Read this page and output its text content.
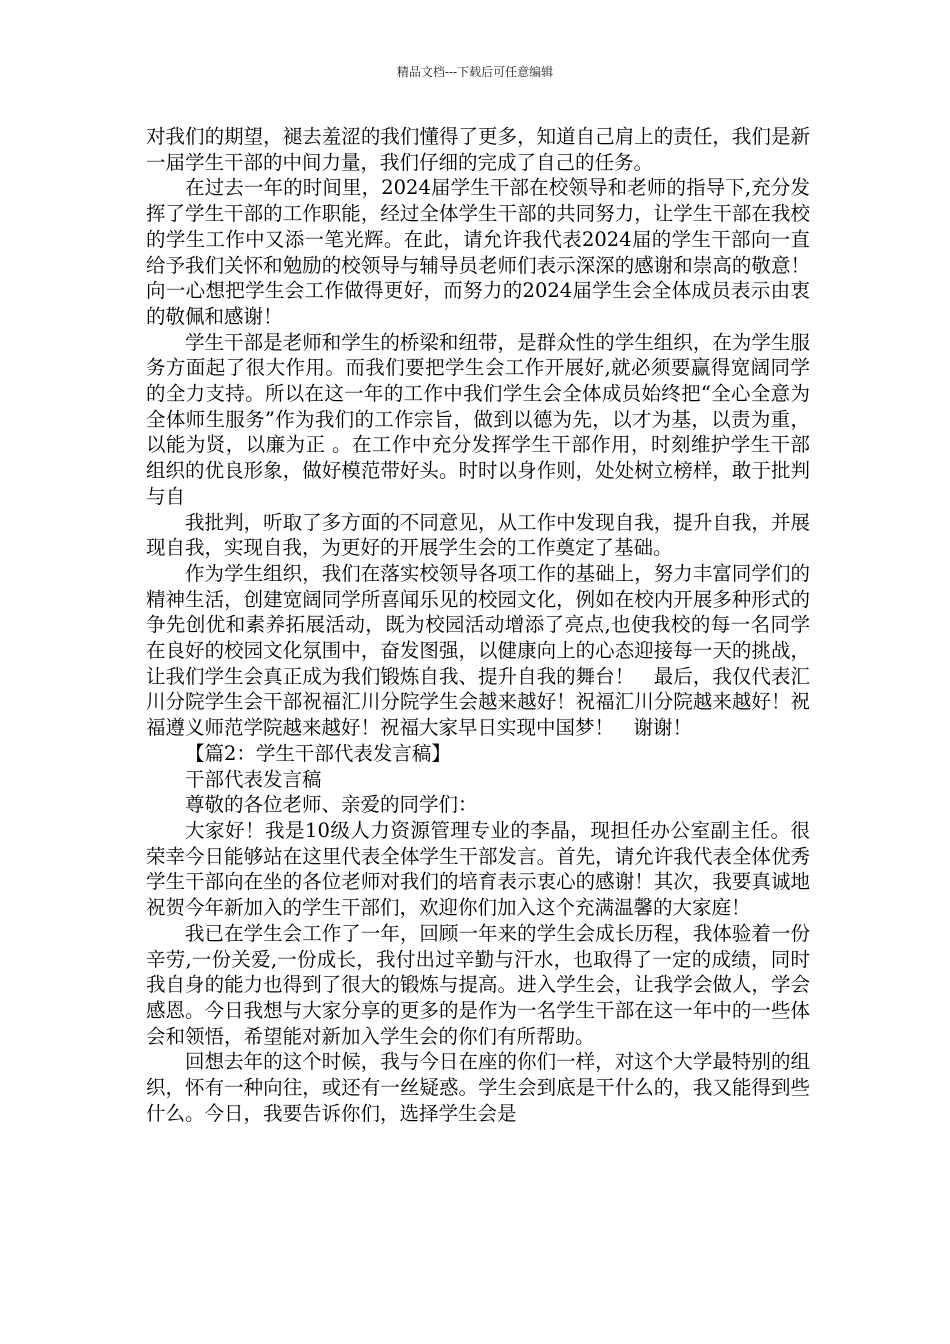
精品文档---下载后可任意编辑

对我们的期望，褪去羞涩的我们懂得了更多，知道自己肩上的责任，我们是新一届学生干部的中间力量，我们仔细的完成了自己的任务。

在过去一年的时间里，2024届学生干部在校领导和老师的指导下,充分发挥了学生干部的工作职能，经过全体学生干部的共同努力，让学生干部在我校的学生工作中又添一笔光辉。在此，请允许我代表2024届的学生干部向一直给予我们关怀和勉励的校领导与辅导员老师们表示深深的感谢和崇高的敬意！向一心想把学生会工作做得更好，而努力的2024届学生会全体成员表示由衷的敬佩和感谢！

学生干部是老师和学生的桥梁和纽带，是群众性的学生组织，在为学生服务方面起了很大作用。而我们要把学生会工作开展好,就必须要赢得宽阔同学的全力支持。所以在这一年的工作中我们学生会全体成员始终把“全心全意为全体师生服务”作为我们的工作宗旨，做到以德为先，以才为基，以责为重，以能为贤，以廉为正 。在工作中充分发挥学生干部作用，时刻维护学生干部组织的优良形象，做好模范带好头。时时以身作则，处处树立榜样，敢于批判与自

我批判，听取了多方面的不同意见，从工作中发现自我，提升自我，并展现自我，实现自我，为更好的开展学生会的工作奠定了基础。

作为学生组织，我们在落实校领导各项工作的基础上，努力丰富同学们的精神生活，创建宽阔同学所喜闻乐见的校园文化，例如在校内开展多种形式的争先创优和素养拓展活动，既为校园活动增添了亮点,也使我校的每一名同学在良好的校园文化氛围中，奋发图强，以健康向上的心态迎接每一天的挑战，让我们学生会真正成为我们锻炼自我、提升自我的舞台！　最后，我仅代表汇川分院学生会干部祝福汇川分院学生会越来越好！祝福汇川分院越来越好！祝福遵义师范学院越来越好！祝福大家早日实现中国梦！　谢谢！

【篇2：学生干部代表发言稿】

干部代表发言稿

尊敬的各位老师、亲爱的同学们：

大家好！我是10级人力资源管理专业的李晶，现担任办公室副主任。很荣幸今日能够站在这里代表全体学生干部发言。首先，请允许我代表全体优秀学生干部向在坐的各位老师对我们的培育表示衷心的感谢！其次，我要真诚地祝贺今年新加入的学生干部们，欢迎你们加入这个充满温馨的大家庭！

我已在学生会工作了一年，回顾一年来的学生会成长历程，我体验着一份辛劳,一份关爱,一份成长，我付出过辛勤与汗水，也取得了一定的成绩，同时我自身的能力也得到了很大的锻炼与提高。进入学生会，让我学会做人，学会感恩。今日我想与大家分享的更多的是作为一名学生干部在这一年中的一些体会和领悟，希望能对新加入学生会的你们有所帮助。

回想去年的这个时候，我与今日在座的你们一样，对这个大学最特别的组织，怀有一种向往，或还有一丝疑惑。学生会到底是干什么的，我又能得到些什么。今日，我要告诉你们，选择学生会是
